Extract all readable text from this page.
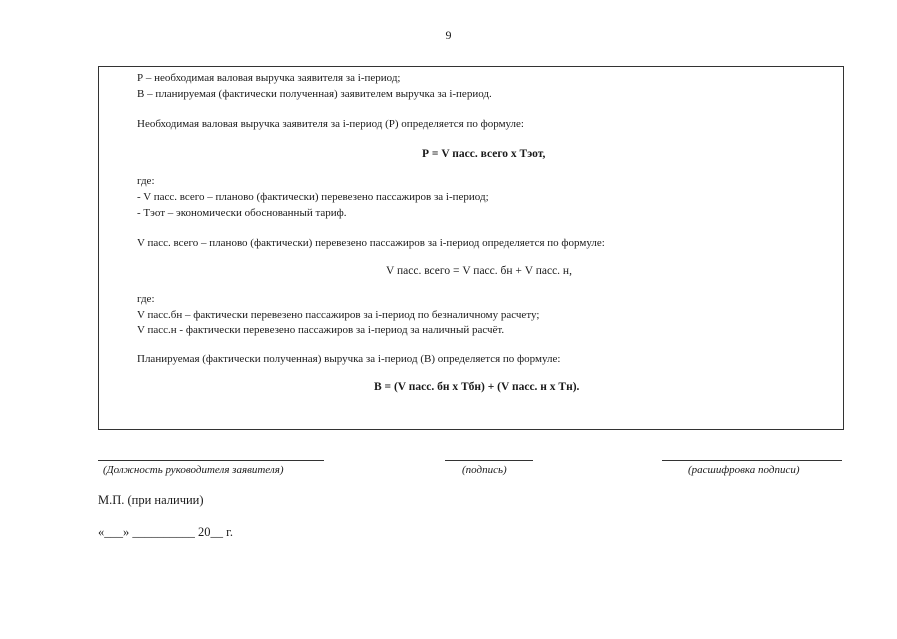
9
Р – необходимая валовая выручка заявителя за i-период;
В – планируемая (фактически полученная) заявителем выручка за i-период.
Необходимая валовая выручка заявителя за i-период (Р) определяется по формуле:
Р = V пасс. всего х Тэот,
где:
- V пасс. всего – планово (фактически) перевезено пассажиров за i-период;
- Тэот – экономически обоснованный тариф.
V пасс. всего – планово (фактически) перевезено пассажиров за i-период определяется по формуле:
V пасс. всего = V пасс. бн + V пасс. н,
где:
V пасс.бн – фактически перевезено пассажиров за i-период по безналичному расчету;
V пасс.н - фактически перевезено пассажиров за i-период за наличный расчёт.
Планируемая (фактически полученная) выручка за i-период (В) определяется по формуле:
В = (V пасс. бн х Тбн) + (V пасс. н х Тн).
(Должность руководителя заявителя)	(подпись)	(расшифровка подписи)
М.П. (при наличии)
«___» __________ 20__ г.
